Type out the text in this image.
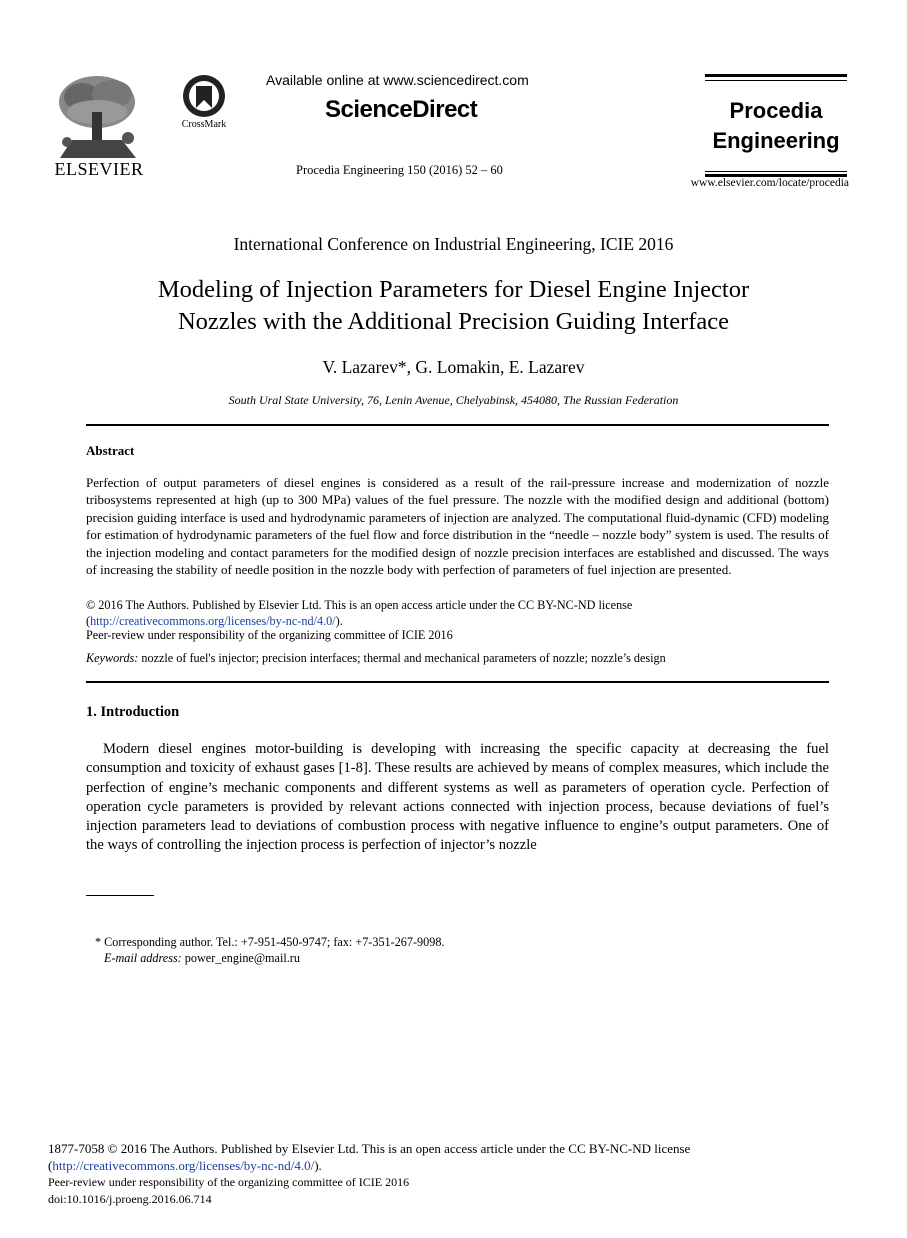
ELSEVIER
CrossMark
Available online at www.sciencedirect.com
ScienceDirect
Procedia Engineering 150 (2016) 52 – 60
Procedia
Engineering
www.elsevier.com/locate/procedia
International Conference on Industrial Engineering, ICIE 2016
Modeling of Injection Parameters for Diesel Engine Injector
Nozzles with the Additional Precision Guiding Interface
V. Lazarev*, G. Lomakin, E. Lazarev
South Ural State University, 76, Lenin Avenue, Chelyabinsk, 454080, The Russian Federation
Abstract
Perfection of output parameters of diesel engines is considered as a result of the rail-pressure increase and modernization of nozzle tribosystems represented at high (up to 300 MPa) values of the fuel pressure. The nozzle with the modified design and additional (bottom) precision guiding interface is used and hydrodynamic parameters of injection are analyzed. The computational fluid-dynamic (CFD) modeling for estimation of hydrodynamic parameters of the fuel flow and force distribution in the “needle – nozzle body” system is used. The results of the injection modeling and contact parameters for the modified design of nozzle precision interfaces are established and discussed. The ways of increasing the stability of needle position in the nozzle body with perfection of parameters of fuel injection are presented.
© 2016 The Authors. Published by Elsevier Ltd. This is an open access article under the CC BY-NC-ND license
(http://creativecommons.org/licenses/by-nc-nd/4.0/).
Peer-review under responsibility of the organizing committee of ICIE 2016
Keywords: nozzle of fuel's injector; precision interfaces; thermal and mechanical parameters of nozzle; nozzle’s design
1. Introduction
Modern diesel engines motor-building is developing with increasing the specific capacity at decreasing the fuel consumption and toxicity of exhaust gases [1-8]. These results are achieved by means of complex measures, which include the perfection of engine’s mechanic components and different systems as well as parameters of operation cycle. Perfection of operation cycle parameters is provided by relevant actions connected with injection process, because deviations of fuel’s injection parameters lead to deviations of combustion process with negative influence to engine’s output parameters. One of the ways of controlling the injection process is perfection of injector’s nozzle
* Corresponding author. Tel.: +7-951-450-9747; fax: +7-351-267-9098.
E-mail address: power_engine@mail.ru
1877-7058 © 2016 The Authors. Published by Elsevier Ltd. This is an open access article under the CC BY-NC-ND license
(http://creativecommons.org/licenses/by-nc-nd/4.0/).
Peer-review under responsibility of the organizing committee of ICIE 2016
doi:10.1016/j.proeng.2016.06.714
